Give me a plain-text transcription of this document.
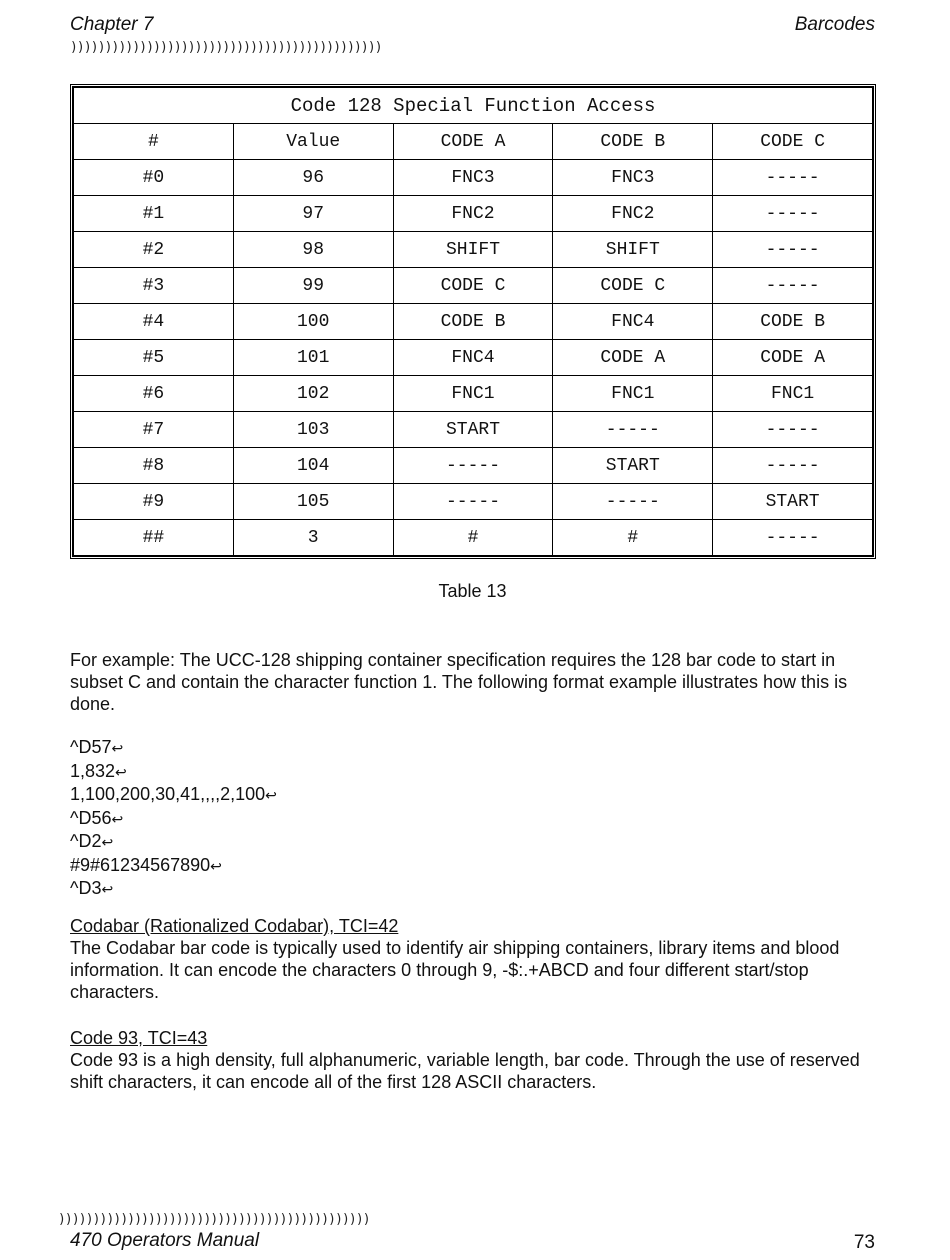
Chapter 7	Barcodes
)))))))))))))))))))))))))))))))))))))))))))))
Code 128 Special Function Access				
#	Value	CODE A	CODE B	CODE C
#0	96	FNC3	FNC3	-----
#1	97	FNC2	FNC2	-----
#2	98	SHIFT	SHIFT	-----
#3	99	CODE C	CODE C	-----
#4	100	CODE B	FNC4	CODE B
#5	101	FNC4	CODE A	CODE A
#6	102	FNC1	FNC1	FNC1
#7	103	START	-----	-----
#8	104	-----	START	-----
#9	105	-----	-----	START
##	3	#	#	-----
Table 13
For example: The UCC-128 shipping container specification requires the 128 bar code to start in subset C and contain the character function 1. The following format example illustrates how this is done.
^D57↩
1,832↩
1,100,200,30,41,,,,2,100↩
^D56↩
^D2↩
#9#61234567890↩
^D3↩
Codabar (Rationalized Codabar), TCI=42
The Codabar bar code is typically used to identify air shipping containers, library items and blood information. It can encode the characters 0 through 9, -$:.+ABCD and four different start/stop characters.
Code 93, TCI=43
Code 93 is a high density, full alphanumeric, variable length, bar code. Through the use of reserved shift characters, it can encode all of the first 128 ASCII characters.
)))))))))))))))))))))))))))))))))))))))))))))
470 Operators Manual	73
